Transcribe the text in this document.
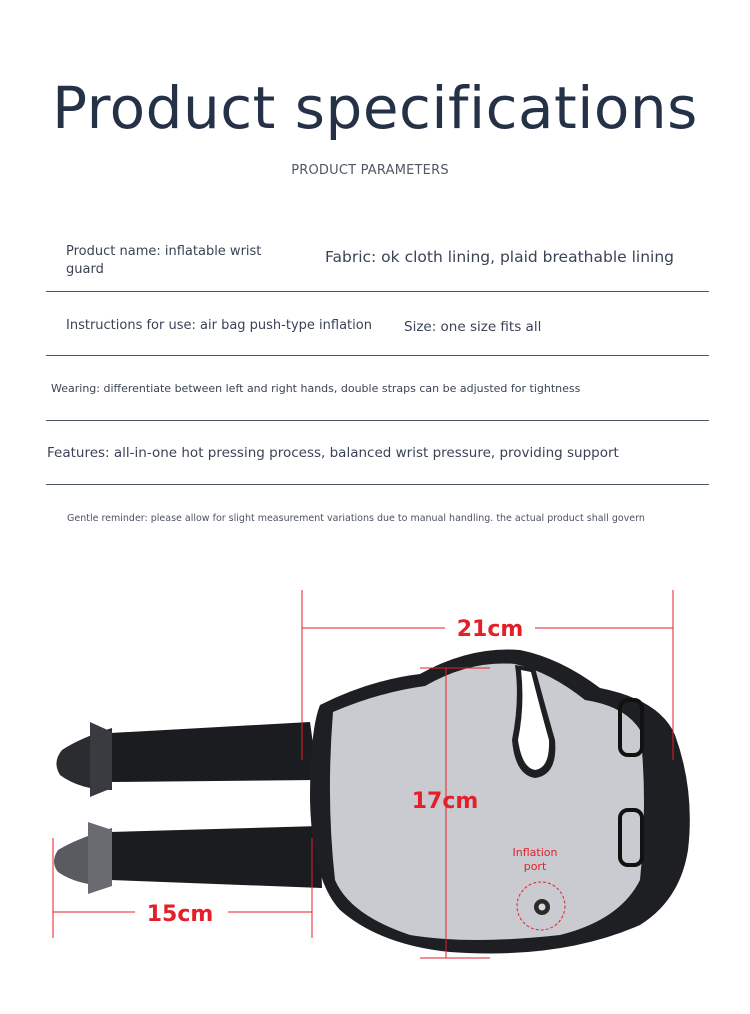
Product specifications
PRODUCT PARAMETERS
Product name: inflatable wrist guard
Fabric: ok cloth lining, plaid breathable lining
Instructions for use: air bag push-type inflation Size: one size fits all
Wearing: differentiate between left and right hands, double straps can be adjusted for tightness
Features: all-in-one hot pressing process, balanced wrist pressure, providing support
Gentle reminder: please allow for slight measurement variations due to manual handling. the actual product shall govern
21cm
17cm
15cm
Inflation
port
